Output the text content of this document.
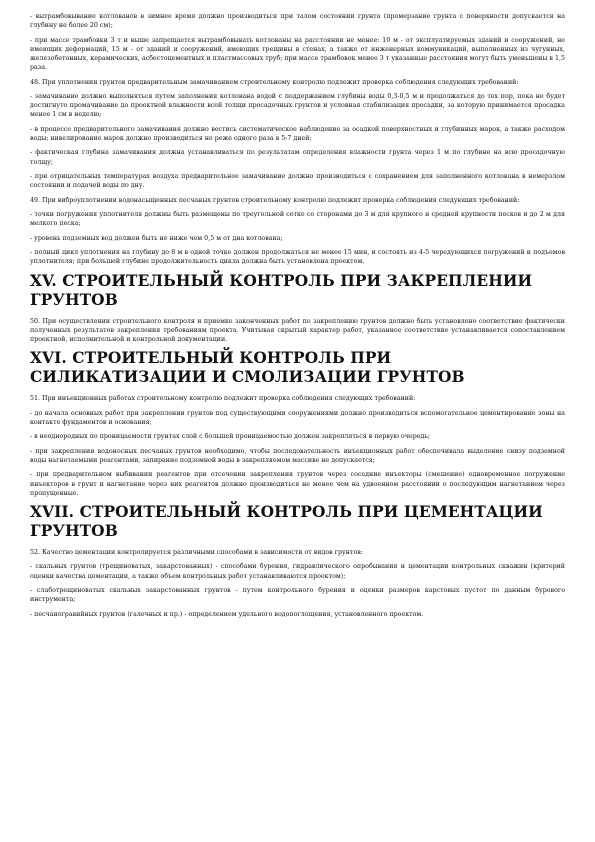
- вытрамбовывание котлованов в зимнее время должно производиться при талом состоянии грунта (промерзание грунта с поверхности допускается на глубину не более 20 см);

- при массе трамбовки 3 т и выше запрещается вытрамбовывать котлованы на расстоянии не менее: 10 м - от эксплуатируемых зданий и сооружений, не имеющих деформаций, 15 м - от зданий и сооружений, имеющих трещины в стенах, а также от инженерных коммуникаций, выполненных из чугунных, железобетонных, керамических, асбестоцементных и пластмассовых труб; при массе трамбовок менее 3 т указанные расстояния могут быть уменьшены в 1,5 раза.

48. При уплотнении грунтов предварительным замачиванием строительному контролю подлежит проверка соблюдения следующих требований:

- замачивание должно выполняться путем заполнения котлована водой с поддержанием глубины воды 0,3-0,5 м и продолжаться до тех пор, пока не будет достигнуто промачивание до проектной влажности всей толщи просадочных грунтов и условная стабилизация просадки, за которую принимается просадка менее 1 см в неделю;

- в процессе предварительного замачивания должно вестись систематическое наблюдение за осадкой поверхностных и глубинных марок, а также расходом воды; нивелирование марок должно производиться не реже одного раза в 5-7 дней;

- фактическая глубина замачивания должна устанавливаться по результатам определения влажности грунта через 1 м по глубине на всю просадочную толщу;

- при отрицательных температурах воздуха предварительное замачивание должно производиться с сохранением для заполненного котлована в немерзлом состоянии и подачей воды по дну.

49. При виброуплотнении водонасыщенных песчаных грунтов строительному контролю подлежит проверка соблюдения следующих требований:

- точки погружения уплотнителя должны быть размещены по треугольной сетке со сторонами до 3 м для крупного и средней крупности песков и до 2 м для мелкого песка;

- уровень подземных вод должен быть не ниже чем 0,5 м от дна котлована;

- полный цикл уплотнения на глубину до 8 м в одной точке должен продолжаться не менее 15 мин, и состоять из 4-5 чередующихся погружений и подъемов уплотнителя; при большей глубине продолжительность цикла должна быть установлена проектом.

XV. СТРОИТЕЛЬНЫЙ КОНТРОЛЬ ПРИ ЗАКРЕПЛЕНИИ ГРУНТОВ

50. При осуществлении строительного контроля и приемке законченных работ по закреплению грунтов должно быть установлено соответствие фактически полученных результатов закрепления требованиям проекта. Учитывая скрытый характер работ, указанное соответствие устанавливается сопоставлением проектной, исполнительной и контрольной документации.

XVI. СТРОИТЕЛЬНЫЙ КОНТРОЛЬ ПРИ СИЛИКАТИЗАЦИИ И СМОЛИЗАЦИИ ГРУНТОВ

51. При инъекционных работах строительному контролю подлежит проверка соблюдения следующих требований:

- до начала основных работ при закреплении грунтов под существующими сооружениями должно производиться вспомогательное цементирование зоны на контакте фундаментов и основания;

- в неоднородных по проницаемости грунтах слой с большей проницаемостью должен закрепляться в первую очередь;

- при закреплении водоносных песчаных грунтов необходимо, чтобы последовательность инъекционных работ обеспечивала выделение снизу подземной воды нагнетаемыми реагентами, запирание подземной воды в закрепляемом массиве не допускается;

- при предварительном выбивании реагентов при отсечении закрепления грунтов через соседние инъекторы (смешение) одновременное погружение инъекторов в грунт и нагнетание через них реагентов должно производиться не менее чем на удвоенном расстоянии о последующим нагнетанием через пропущенные.

XVII. СТРОИТЕЛЬНЫЙ КОНТРОЛЬ ПРИ ЦЕМЕНТАЦИИ ГРУНТОВ

52. Качество цементации контролируется различными способами в зависимости от видов грунтов:

- скальных грунтов (трещиноватых, закарстованных) - способами бурения, гидравлического опробывания и цементации контрольных скважин (критерий оценки качества цементации, а также объем контрольных работ устанавливаются проектом);

- слаботрещиноватых скальных закарстованных грунтов - путем контрольного бурения и оценки размеров карстовых пустот по данным бурового инструмента;

- песчаногравийных грунтов (галечных и пр.) - определением удельного водопоглощения, установленного проектом.
